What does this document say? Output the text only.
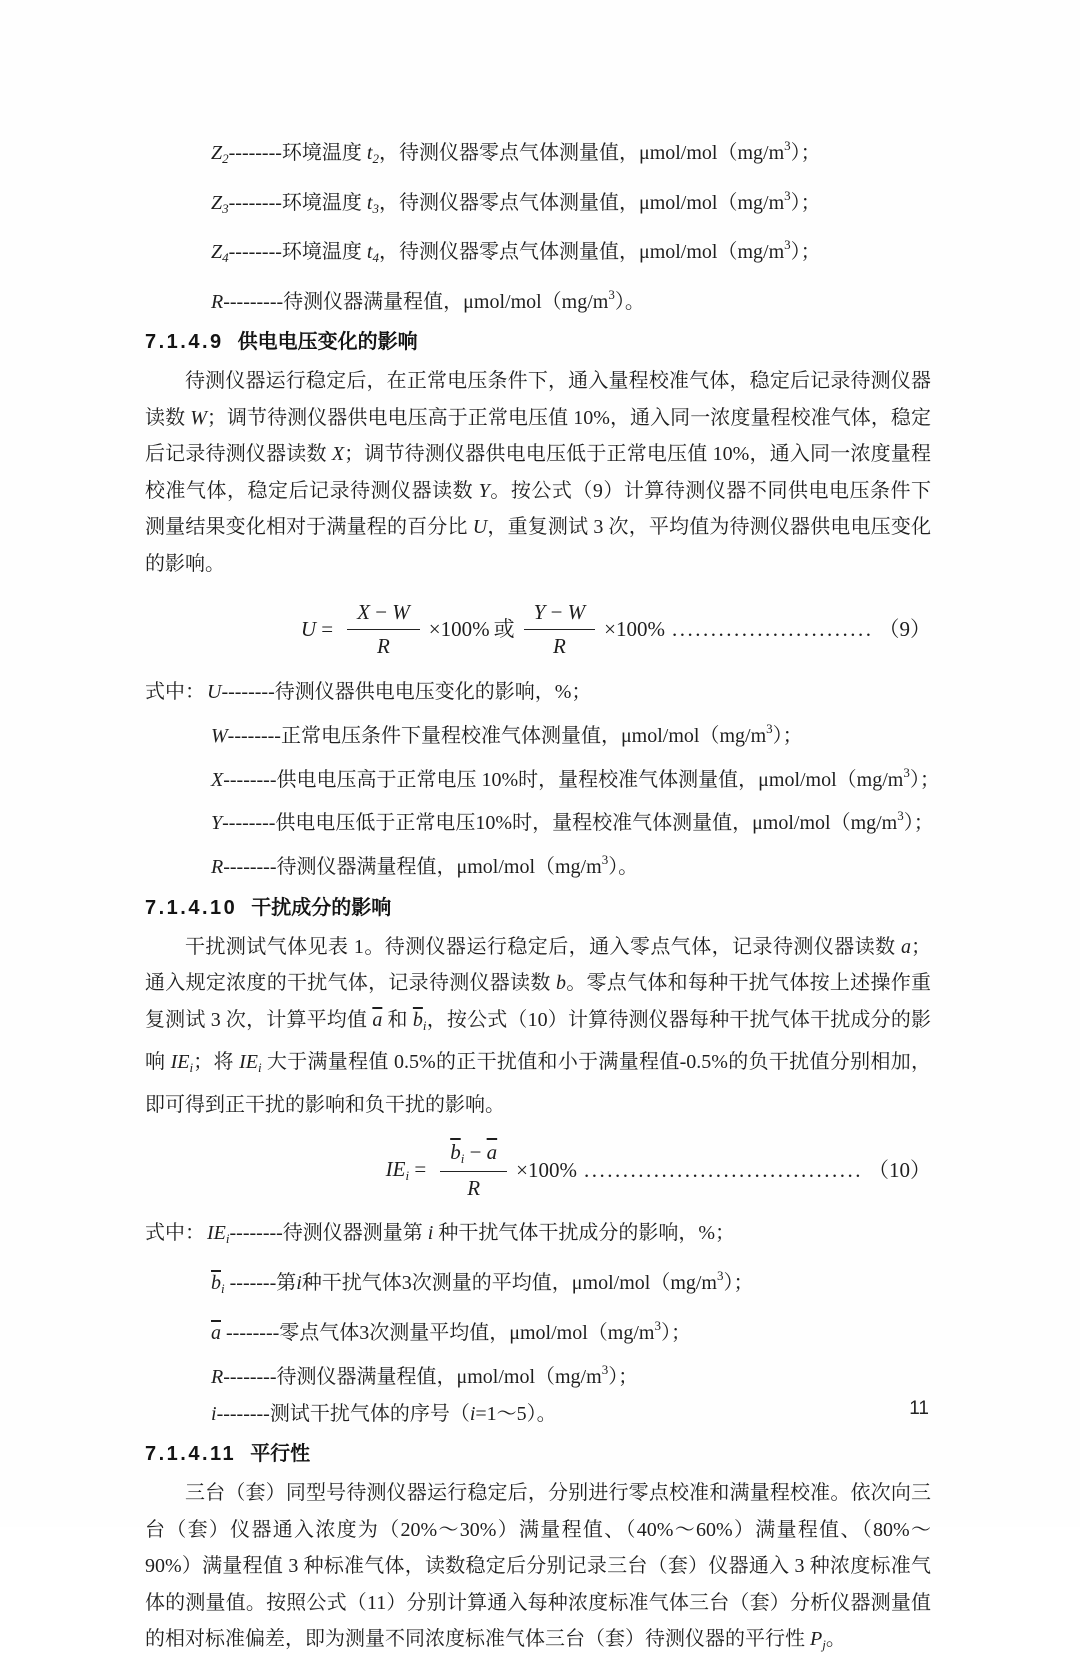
$Z_2--------$环境温度 $t_2$，待测仪器零点气体测量值，μmol/$mol(mg/m^3)$；
$Z_3--------$环境温度 $t_3$，待测仪器零点气体测量值，μmol/$mol(mg/m^3)$；
$Z_4--------$环境温度 $t_4$，待测仪器零点气体测量值，μmol/$mol(mg/m^3)$；
R---------待测仪器满量程值，μmol/$mol(mg/m^3)$。
7.1.4.9 供电电压变化的影响

待测仪器运行稳定后，在正常电压条件下，通入量程校准气体，稳定后记录待测仪器读数 W；调节待测仪器供电电压高于正常电压值 10%，通入同一浓度量程校准气体，稳定后记录待测仪器读数 X；调节待测仪器供电电压低于正常电压值 10%，通入同一浓度量程校准气体，稳定后记录待测仪器读数 Y。按公式（9）计算待测仪器不同供电电压条件下测量结果变化相对于满量程的百分比 U，重复测试 3 次，平均值为待测仪器供电电压变化的影响。

$U = \frac{X - W}{R} \times 100\%$ 或 $\frac{Y - W}{R} \times 100\%$ .......................... （9）
式中： U--------待测仪器供电电压变化的影响，%；
W--------正常电压条件下量程校准气体测量值，μmol/$mol(mg/m^3)$；
X--------供电电压高于正常电压 10%时，量程校准气体测量值，μmol/$mol(mg/m^3)$；
Y--------供电电压低于正常电压10%时，量程校准气体测量值，μmol/$mol(mg/m^3)$；
R--------待测仪器满量程值，μmol/$mol(mg/m^3)$。
7.1.4.10 干扰成分的影响

干扰测试气体见表 1。待测仪器运行稳定后，通入零点气体，记录待测仪器读数 a；通入规定浓度的干扰气体，记录待测仪器读数 b。零点气体和每种干扰气体按上述操作重复测试 3 次，计算平均值 $\overline{a}$ 和 $\overline{b}_i$，按公式（10）计算待测仪器每种干扰气体干扰成分的影响 $IE_i$；将 $IE_i$ 大于满量程值 0.5%的正干扰值和小于满量程值-0.5%的负干扰值分别相加，即可得到正干扰的影响和负干扰的影响。

IEi = $\frac{\overline{b}i - \overline{a}}{R} \times 100\%$ .................................... （10）
式中： $IE_i--------$待测仪器测量第 i 种干扰气体干扰成分的影响，%；
$\overline{b}_i$ -------第i种干扰气体3次测量的平均值，μmol/$mol(mg/m^3)$；
$\overline{a}$ --------零点气体3次测量平均值，μmol/$mol(mg/m^3)$；
R--------待测仪器满量程值，μmol/$mol(mg/m^3)$；
i--------测试干扰气体的序号（i=1～5）。
7.1.4.11 平行性

三台（套）同型号待测仪器运行稳定后，分别进行零点校准和满量程校准。依次向三台（套）仪器通入浓度为（20%～30%）满量程值、（40%～60%）满量程值、（80%～90%）满量程值 3 种标准气体，读数稳定后分别记录三台（套）仪器通入 3 种浓度标准气体的测量值。按照公式（11）分别计算通入每种浓度标准气体三台（套）分析仪器测量值的相对标准偏差，即为测量不同浓度标准气体三台（套）待测仪器的平行性 $P_j$。

11
